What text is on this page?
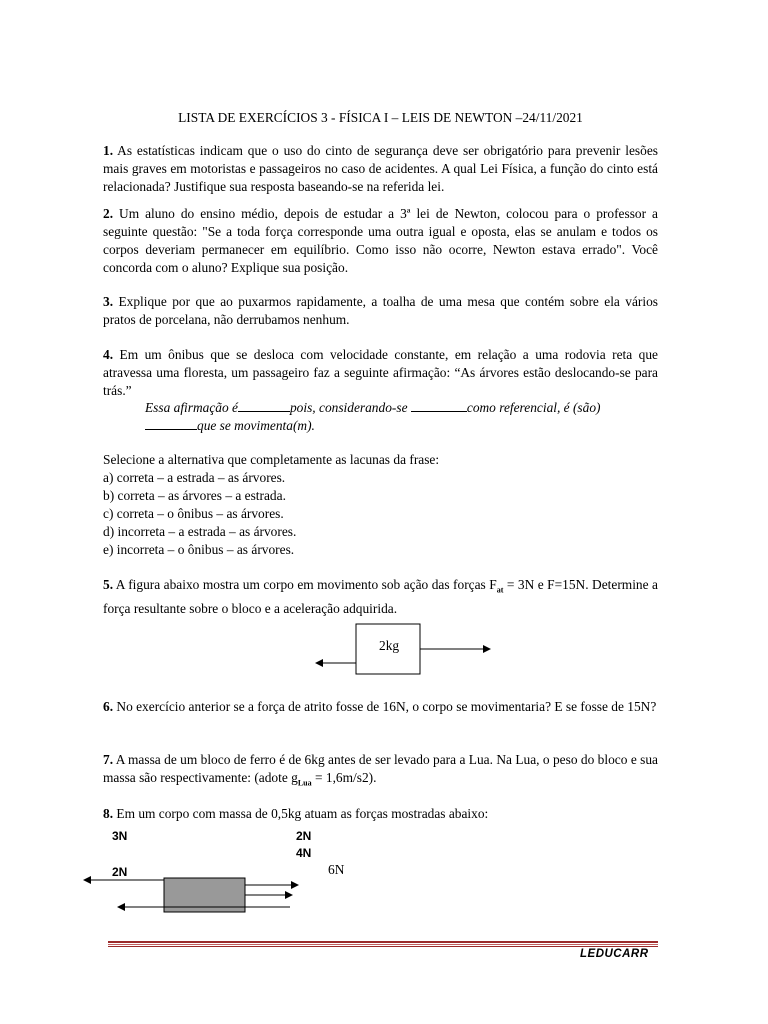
LISTA DE EXERCÍCIOS 3 - FÍSICA I – LEIS DE NEWTON –24/11/2021
1. As estatísticas indicam que o uso do cinto de segurança deve ser obrigatório para prevenir lesões mais graves em motoristas e passageiros no caso de acidentes. A qual Lei Física, a função do cinto está relacionada? Justifique sua resposta baseando-se na referida lei.
2. Um aluno do ensino médio, depois de estudar a 3ª lei de Newton, colocou para o professor a seguinte questão: "Se a toda força corresponde uma outra igual e oposta, elas se anulam e todos os corpos deveriam permanecer em equilíbrio. Como isso não ocorre, Newton estava errado". Você concorda com o aluno? Explique sua posição.
3. Explique por que ao puxarmos rapidamente, a toalha de uma mesa que contém sobre ela vários pratos de porcelana, não derrubamos nenhum.
4. Em um ônibus que se desloca com velocidade constante, em relação a uma rodovia reta que atravessa uma floresta, um passageiro faz a seguinte afirmação: “As árvores estão deslocando-se para trás.”
Essa afirmação é	pois, considerando-se	como referencial, é (são)
que se movimenta(m).
Selecione a alternativa que completamente as lacunas da frase:
a) correta – a estrada – as árvores.
b) correta – as árvores – a estrada.
c) correta – o ônibus – as árvores.
d) incorreta – a estrada – as árvores.
e) incorreta – o ônibus – as árvores.
5. A figura abaixo mostra um corpo em movimento sob ação das forças $F_{at} = 3N$ e F=15N. Determine a força resultante sobre o bloco e a aceleração adquirida.
2kg
6. No exercício anterior se a força de atrito fosse de 16N, o corpo se movimentaria? E se fosse de 15N?
7. A massa de um bloco de ferro é de 6kg antes de ser levado para a Lua. Na Lua, o peso do bloco e sua massa são respectivamente: (adote $g_{Lua} = 1,6m/s2$).
8. Em um corpo com massa de 0,5kg atuam as forças mostradas abaixo:
3N	2N
4N
2N	6N
LEDUCARR
